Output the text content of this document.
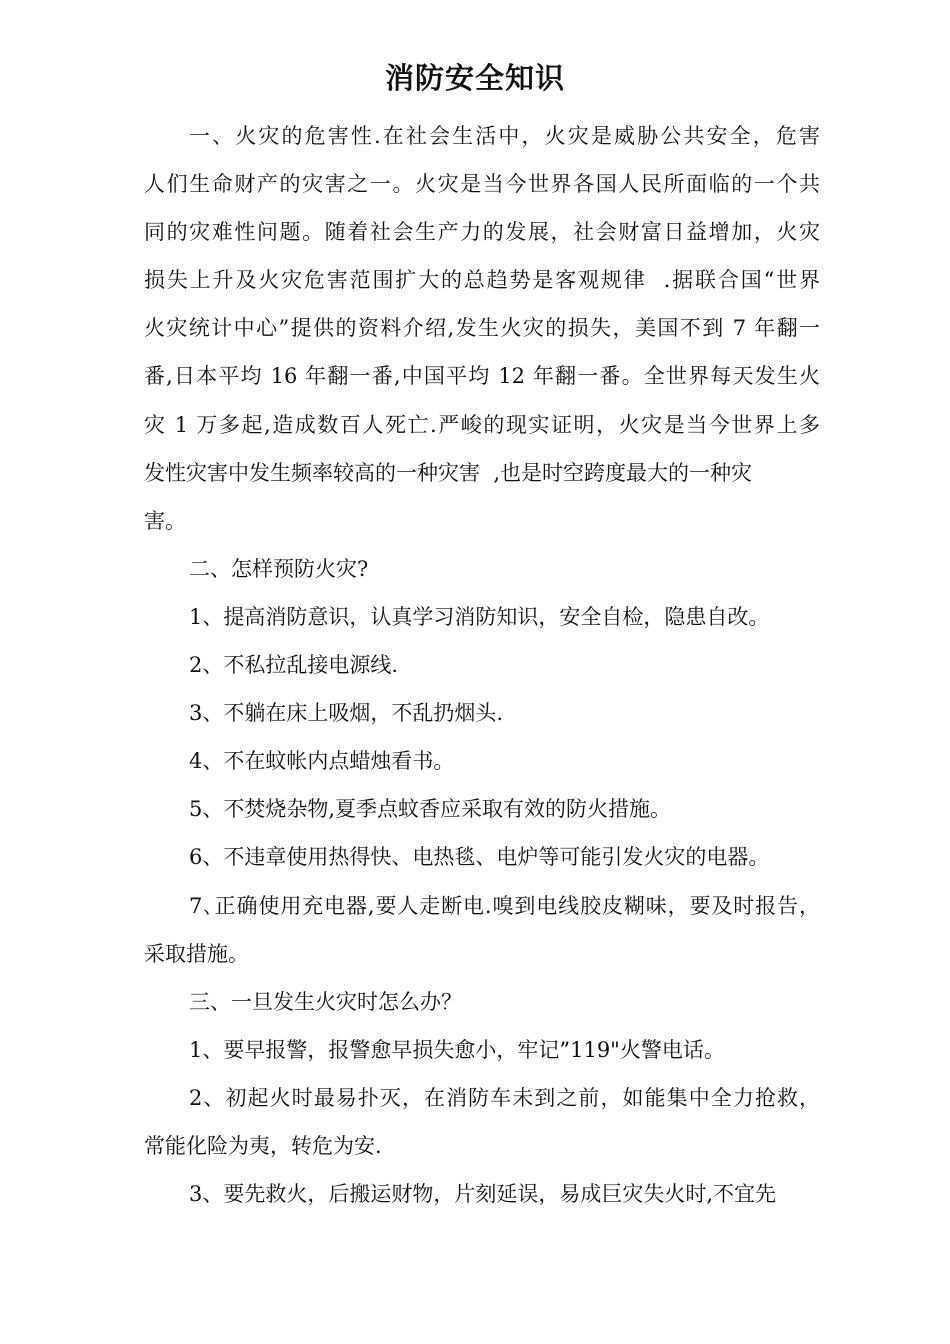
消防安全知识
一、火灾的危害性.在社会生活中，火灾是威胁公共安全，危害
人们生命财产的灾害之一。火灾是当今世界各国人民所面临的一个共
同的灾难性问题。随着社会生产力的发展，社会财富日益增加，火灾
损失上升及火灾危害范围扩大的总趋势是客观规律  .据联合国“世界
火灾统计中心”提供的资料介绍,发生火灾的损失，美国不到 7 年翻一
番,日本平均 16 年翻一番,中国平均 12 年翻一番。全世界每天发生火
灾 1 万多起,造成数百人死亡.严峻的现实证明，火灾是当今世界上多
发性灾害中发生频率较高的一种灾害  ,也是时空跨度最大的一种灾
害。
二、怎样预防火灾?
1、提高消防意识，认真学习消防知识，安全自检，隐患自改。
2、不私拉乱接电源线.
3、不躺在床上吸烟，不乱扔烟头.
4、不在蚊帐内点蜡烛看书。
5、不焚烧杂物,夏季点蚊香应采取有效的防火措施。
6、不违章使用热得快、电热毯、电炉等可能引发火灾的电器。
7､正确使用充电器,要人走断电.嗅到电线胶皮糊味，要及时报告，
采取措施。
三、一旦发生火灾时怎么办？
1、要早报警，报警愈早损失愈小，牢记”119"火警电话。
2、初起火时最易扑灭，在消防车未到之前，如能集中全力抢救，
常能化险为夷，转危为安.
3、要先救火，后搬运财物，片刻延误，易成巨灾失火时,不宜先
